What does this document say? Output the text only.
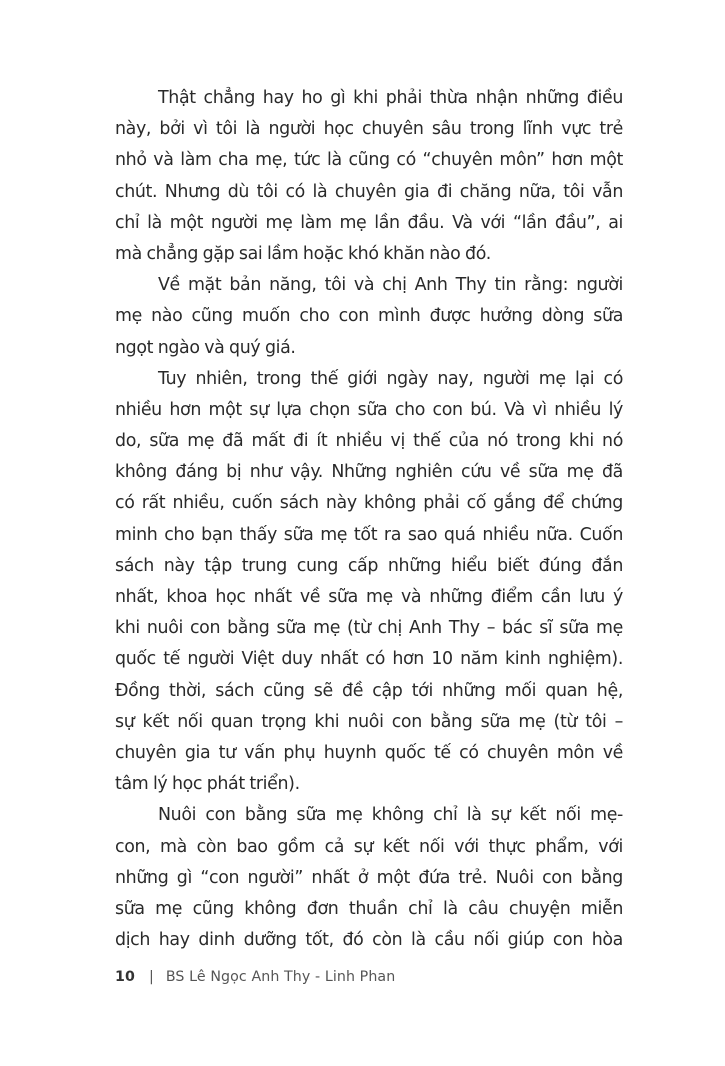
Thật chẳng hay ho gì khi phải thừa nhận những điều
này, bởi vì tôi là người học chuyên sâu trong lĩnh vực trẻ
nhỏ và làm cha mẹ, tức là cũng có “chuyên môn” hơn một
chút. Nhưng dù tôi có là chuyên gia đi chăng nữa, tôi vẫn
chỉ là một người mẹ làm mẹ lần đầu. Và với “lần đầu”, ai
mà chẳng gặp sai lầm hoặc khó khăn nào đó.
Về mặt bản năng, tôi và chị Anh Thy tin rằng: người
mẹ nào cũng muốn cho con mình được hưởng dòng sữa
ngọt ngào và quý giá.
Tuy nhiên, trong thế giới ngày nay, người mẹ lại có
nhiều hơn một sự lựa chọn sữa cho con bú. Và vì nhiều lý
do, sữa mẹ đã mất đi ít nhiều vị thế của nó trong khi nó
không đáng bị như vậy. Những nghiên cứu về sữa mẹ đã
có rất nhiều, cuốn sách này không phải cố gắng để chứng
minh cho bạn thấy sữa mẹ tốt ra sao quá nhiều nữa. Cuốn
sách này tập trung cung cấp những hiểu biết đúng đắn
nhất, khoa học nhất về sữa mẹ và những điểm cần lưu ý
khi nuôi con bằng sữa mẹ (từ chị Anh Thy – bác sĩ sữa mẹ
quốc tế người Việt duy nhất có hơn 10 năm kinh nghiệm).
Đồng thời, sách cũng sẽ đề cập tới những mối quan hệ,
sự kết nối quan trọng khi nuôi con bằng sữa mẹ (từ tôi –
chuyên gia tư vấn phụ huynh quốc tế có chuyên môn về
tâm lý học phát triển).
Nuôi con bằng sữa mẹ không chỉ là sự kết nối mẹ-
con, mà còn bao gồm cả sự kết nối với thực phẩm, với
những gì “con người” nhất ở một đứa trẻ. Nuôi con bằng
sữa mẹ cũng không đơn thuần chỉ là câu chuyện miễn
dịch hay dinh dưỡng tốt, đó còn là cầu nối giúp con hòa
10 | BS Lê Ngọc Anh Thy - Linh Phan
